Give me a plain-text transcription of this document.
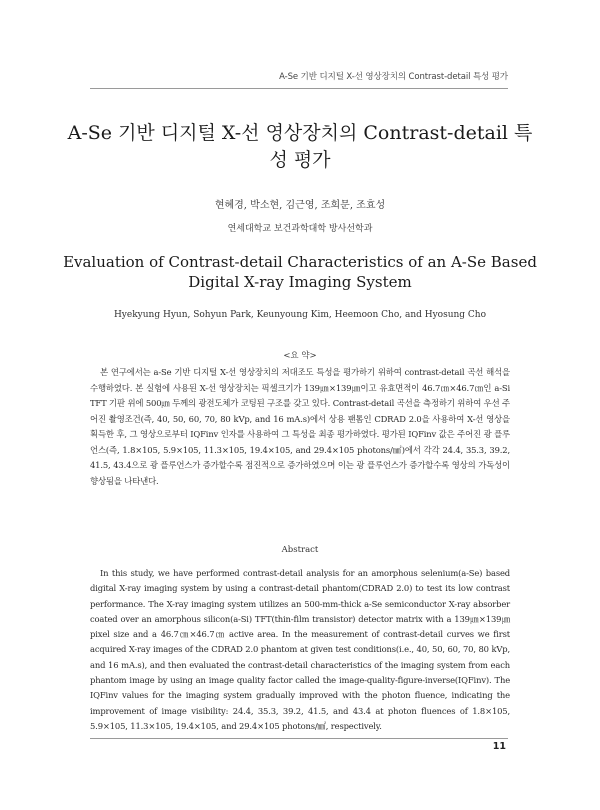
A-Se 기반 디지털 X-선 영상장치의 Contrast-detail 특성 평가
A-Se 기반 디지털 X-선 영상장치의 Contrast-detail 특성 평가
현혜경, 박소현, 김근영, 조희문, 조효성
연세대학교 보건과학대학 방사선학과
Evaluation of Contrast-detail Characteristics of an A-Se Based Digital X-ray Imaging System
Hyekyung Hyun, Sohyun Park, Keunyoung Kim, Heemoon Cho, and Hyosung Cho
<요 약>
본 연구에서는 a-Se 기반 디지털 X-선 영상장치의 저대조도 특성을 평가하기 위하여 contrast-detail 곡선 해석을 수행하였다. 본 실험에 사용된 X-선 영상장치는 픽셀크기가 139㎛×139㎛이고 유효면적이 46.7㎝×46.7㎝인 a-Si TFT 기판 위에 500㎛ 두께의 광전도체가 코팅된 구조를 갖고 있다. Contrast-detail 곡선을 측정하기 위하여 우선 주어진 촬영조건(즉, 40, 50, 60, 70, 80 kVp, and 16 mA.s)에서 상용 팬톰인 CDRAD 2.0을 사용하여 X-선 영상을 획득한 후, 그 영상으로부터 IQFinv 인자를 사용하여 그 특성을 최종 평가하였다. 평가된 IQFinv 값은 주어진 광 플루언스(즉, 1.8×105, 5.9×105, 11.3×105, 19.4×105, and 29.4×105 photons/㎟)에서 각각 24.4, 35.3, 39.2, 41.5, 43.4으로 광 플루언스가 증가할수록 점진적으로 증가하였으며 이는 광 플루언스가 증가할수록 영상의 가독성이 향상됨을 나타낸다.
Abstract
In this study, we have performed contrast-detail analysis for an amorphous selenium(a-Se) based digital X-ray imaging system by using a contrast-detail phantom(CDRAD 2.0) to test its low contrast performance. The X-ray imaging system utilizes an 500-mm-thick a-Se semiconductor X-ray absorber coated over an amorphous silicon(a-Si) TFT(thin-film transistor) detector matrix with a 139㎛×139㎛ pixel size and a 46.7㎝×46.7㎝ active area. In the measurement of contrast-detail curves we first acquired X-ray images of the CDRAD 2.0 phantom at given test conditions(i.e., 40, 50, 60, 70, 80 kVp, and 16 mA.s), and then evaluated the contrast-detail characteristics of the imaging system from each phantom image by using an image quality factor called the image-quality-figure-inverse(IQFinv). The IQFinv values for the imaging system gradually improved with the photon fluence, indicating the improvement of image visibility: 24.4, 35.3, 39.2, 41.5, and 43.4 at photon fluences of 1.8×105, 5.9×105, 11.3×105, 19.4×105, and 29.4×105 photons/㎟, respectively.
11
